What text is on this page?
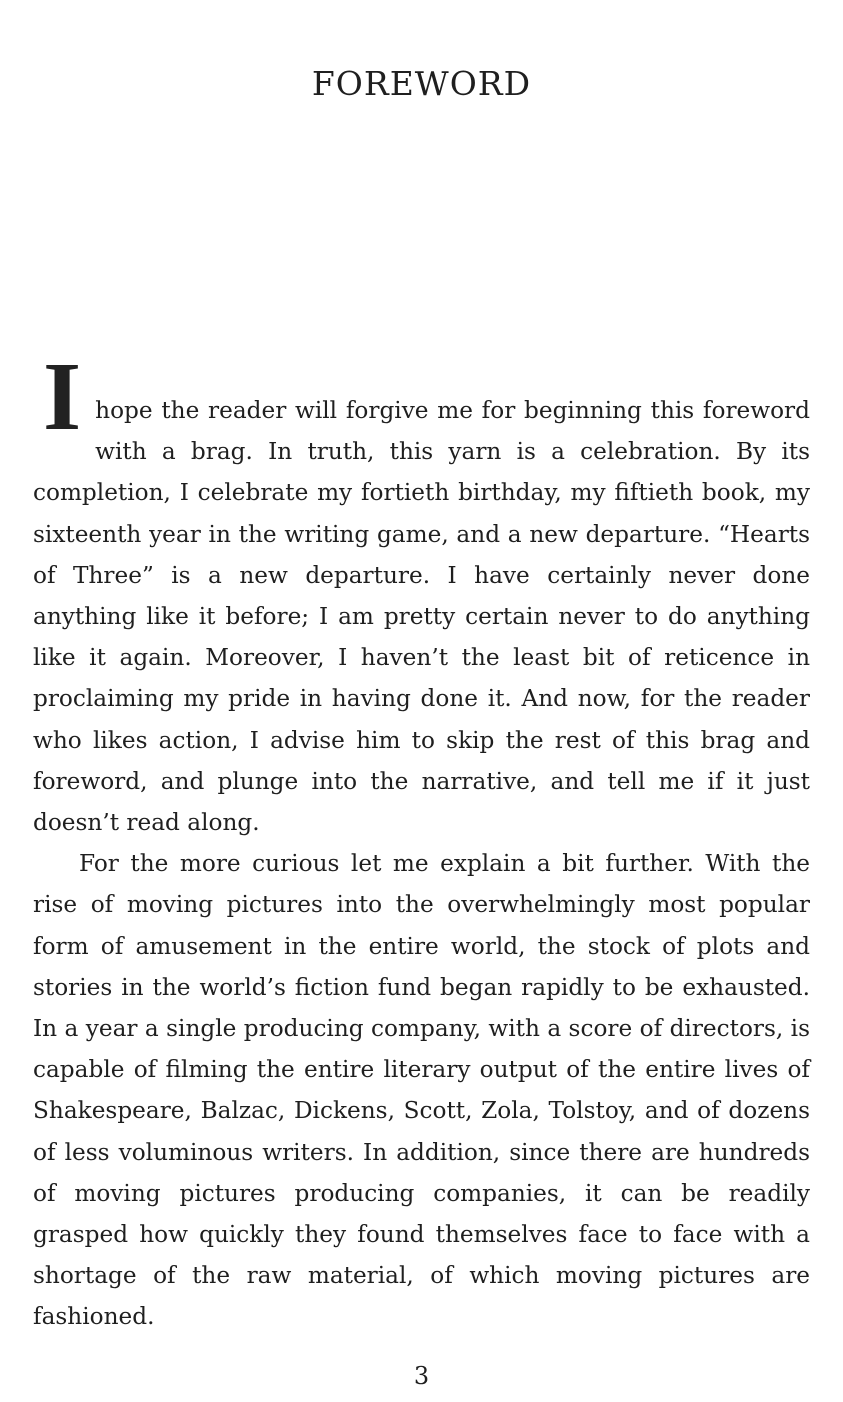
FOREWORD

I hope the reader will forgive me for beginning this foreword with a brag. In truth, this yarn is a celebration. By its completion, I celebrate my fortieth birthday, my fiftieth book, my sixteenth year in the writing game, and a new departure. “Hearts of Three” is a new departure. I have certainly never done anything like it before; I am pretty certain never to do anything like it again. Moreover, I haven’t the least bit of reticence in proclaiming my pride in having done it. And now, for the reader who likes action, I advise him to skip the rest of this brag and foreword, and plunge into the narrative, and tell me if it just doesn’t read along.

For the more curious let me explain a bit further. With the rise of moving pictures into the overwhelmingly most popular form of amusement in the entire world, the stock of plots and stories in the world’s fiction fund began rapidly to be exhausted. In a year a single producing company, with a score of directors, is capable of filming the entire literary output of the entire lives of Shakespeare, Balzac, Dickens, Scott, Zola, Tolstoy, and of dozens of less voluminous writers. In addition, since there are hundreds of moving pictures producing companies, it can be readily grasped how quickly they found themselves face to face with a shortage of the raw material, of which moving pictures are fashioned.

3
